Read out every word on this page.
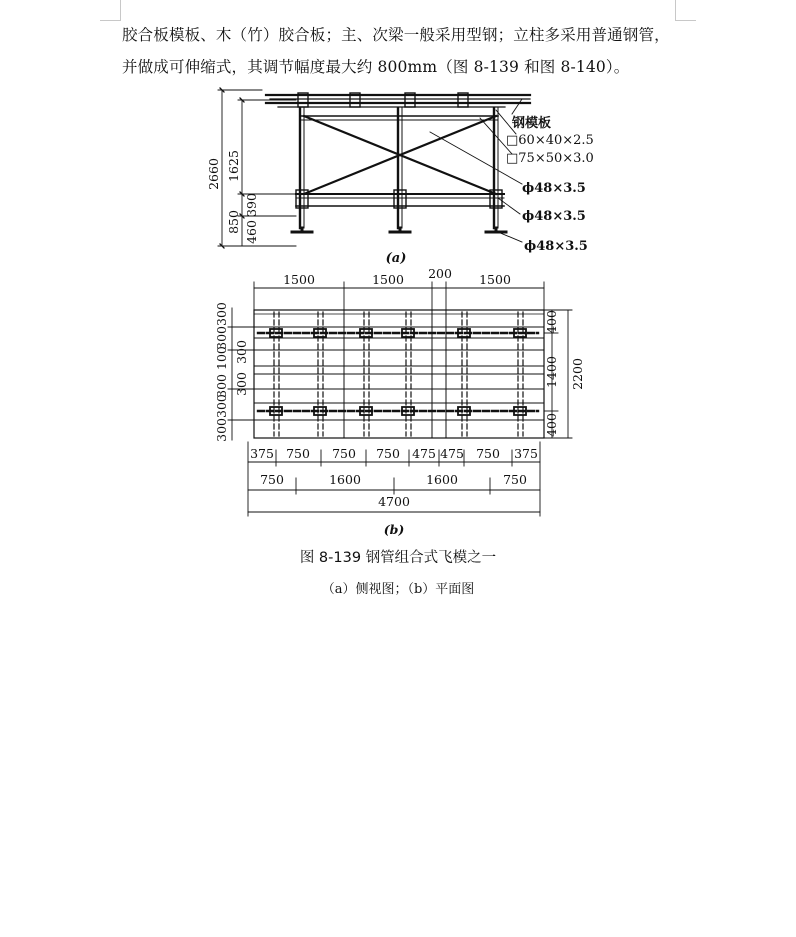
胶合板模板、木（竹）胶合板；主、次梁一般采用型钢；立柱多采用普通钢管，

并做成可伸缩式，其调节幅度最大约 800mm（图 8-139 和图 8-140）。

2660 1625
850
390
460
钢模板
□60×40×2.5
□75×50×3.0
ϕ48×3.5
ϕ48×3.5
ϕ48×3.5
(a)
1500	1500 200 1500
300300
300
300 100 300
300300
400
1400
400
2200
375 750 750 750 475 475 750 375
750	1600	1600	750
4700
(b)

图 8-139 钢管组合式飞模之一

（a）侧视图；（b）平面图
